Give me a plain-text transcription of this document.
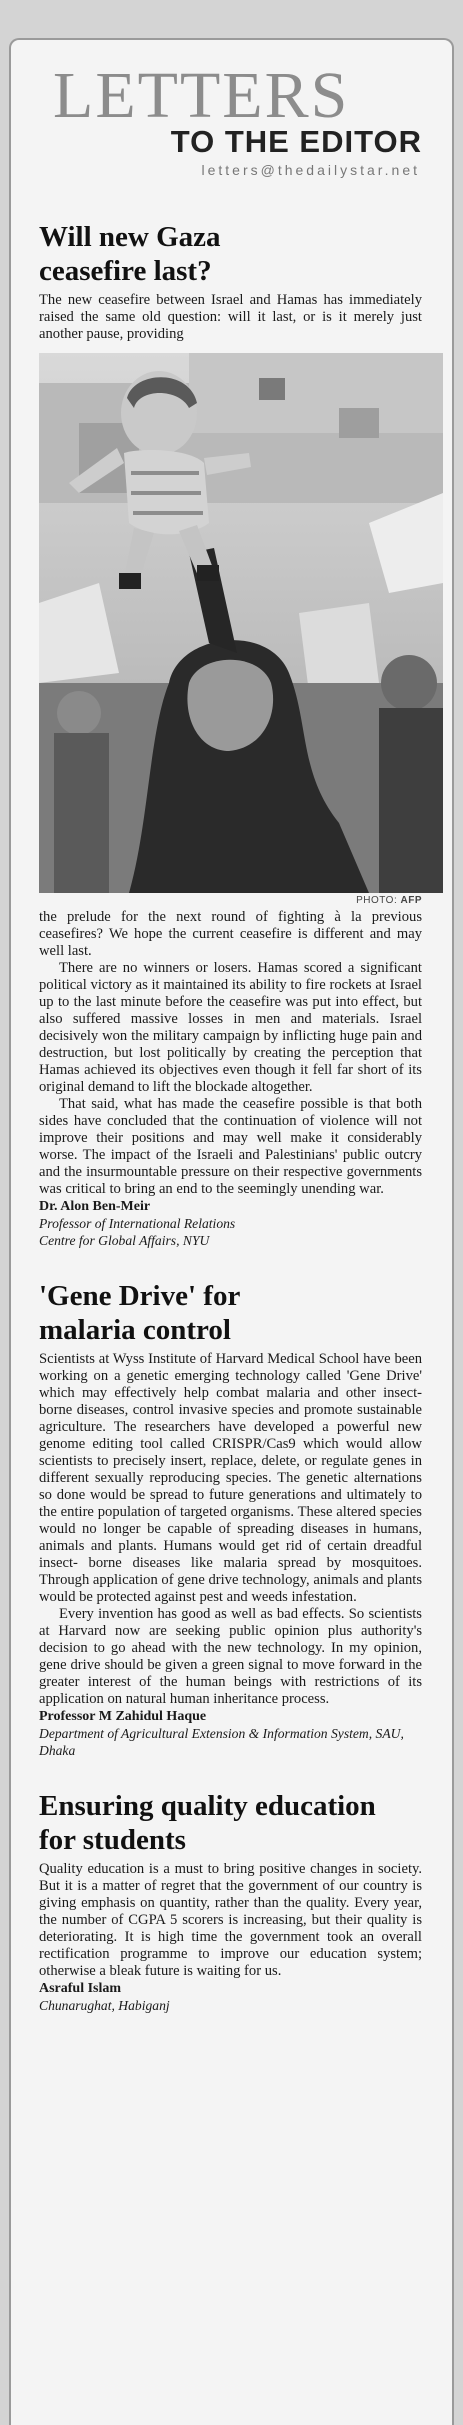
LETTERS
TO THE EDITOR
letters@thedailystar.net
Will new Gaza ceasefire last?

The new ceasefire between Israel and Hamas has immediately raised the same old question: will it last, or is it merely just another pause, providing

PHOTO: AFP

the prelude for the next round of fighting à la previous ceasefires? We hope the current ceasefire is different and may well last.

There are no winners or losers. Hamas scored a significant political victory as it maintained its ability to fire rockets at Israel up to the last minute before the ceasefire was put into effect, but also suffered massive losses in men and materials. Israel decisively won the military campaign by inflicting huge pain and destruction, but lost politically by creating the perception that Hamas achieved its objectives even though it fell far short of its original demand to lift the blockade altogether.

That said, what has made the ceasefire possible is that both sides have concluded that the continuation of violence will not improve their positions and may well make it considerably worse. The impact of the Israeli and Palestinians' public outcry and the insurmountable pressure on their respective governments was critical to bring an end to the seemingly unending war.

Dr. Alon Ben-Meir

Professor of International Relations Centre for Global Affairs, NYU

'Gene Drive' for malaria control

Scientists at Wyss Institute of Harvard Medical School have been working on a genetic emerging technology called 'Gene Drive' which may effectively help combat malaria and other insect-borne diseases, control invasive species and promote sustainable agriculture. The researchers have developed a powerful new genome editing tool called CRISPR/Cas9 which would allow scientists to precisely insert, replace, delete, or regulate genes in different sexually reproducing species. The genetic alternations so done would be spread to future generations and ultimately to the entire population of targeted organisms. These altered species would no longer be capable of spreading diseases in humans, animals and plants. Humans would get rid of certain dreadful insect- borne diseases like malaria spread by mosquitoes. Through application of gene drive technology, animals and plants would be protected against pest and weeds infestation.

Every invention has good as well as bad effects. So scientists at Harvard now are seeking public opinion plus authority's decision to go ahead with the new technology. In my opinion, gene drive should be given a green signal to move forward in the greater interest of the human beings with restrictions of its application on natural human inheritance process.

Professor M Zahidul Haque

Department of Agricultural Extension & Information System, SAU, Dhaka

Ensuring quality education for students

Quality education is a must to bring positive changes in society. But it is a matter of regret that the government of our country is giving emphasis on quantity, rather than the quality. Every year, the number of CGPA 5 scorers is increasing, but their quality is deteriorating. It is high time the government took an overall rectification programme to improve our education system; otherwise a bleak future is waiting for us.

Asraful Islam

Chunarughat, Habiganj
